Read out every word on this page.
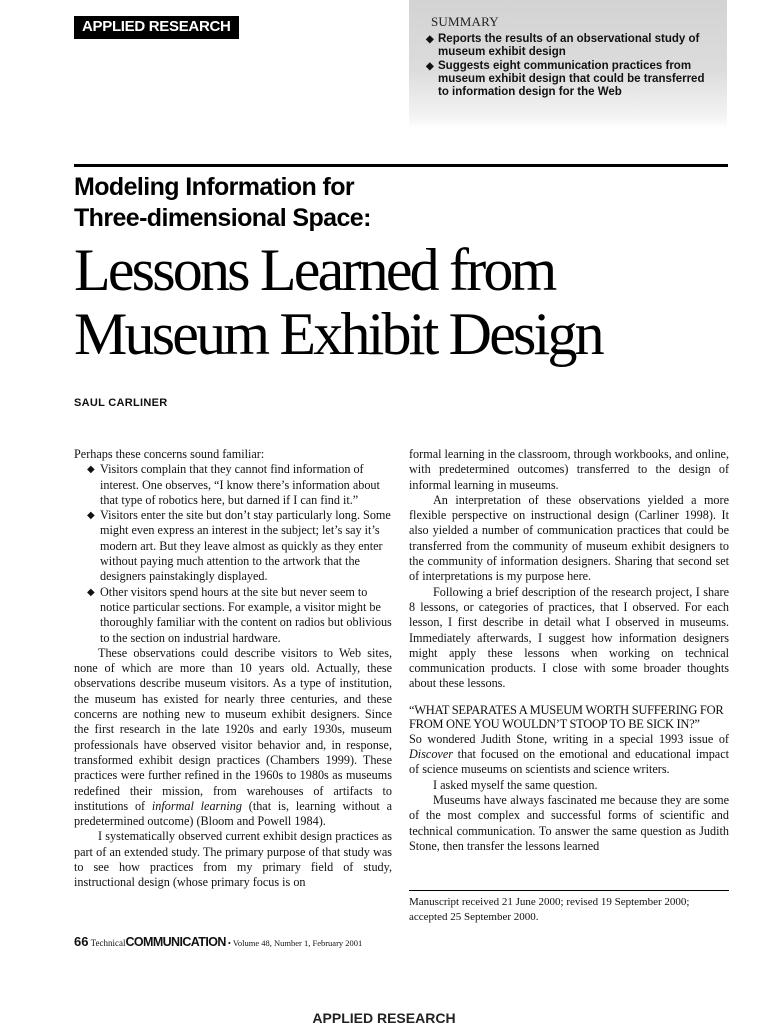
APPLIED RESEARCH	SUMMARY
◆ Reports the results of an observational study of museum exhibit design
◆ Suggests eight communication practices from museum exhibit design that could be transferred to information design for the Web
Modeling Information for
Three-dimensional Space:
Lessons Learned from
Museum Exhibit Design
SAUL CARLINER

Perhaps these concerns sound familiar:

◆ Visitors complain that they cannot find information of interest. One observes, “I know there’s information about that type of robotics here, but darned if I can find it.”
◆ Visitors enter the site but don’t stay particularly long. Some might even express an interest in the subject; let’s say it’s modern art. But they leave almost as quickly as they enter without paying much attention to the artwork that the designers painstakingly displayed.
◆ Other visitors spend hours at the site but never seem to notice particular sections. For example, a visitor might be thoroughly familiar with the content on radios but oblivious to the section on industrial hardware.

These observations could describe visitors to Web sites, none of which are more than 10 years old. Actually, these observations describe museum visitors. As a type of institution, the museum has existed for nearly three centuries, and these concerns are nothing new to museum exhibit designers. Since the first research in the late 1920s and early 1930s, museum professionals have observed visitor behavior and, in response, transformed exhibit design practices (Chambers 1999). These practices were further refined in the 1960s to 1980s as museums redefined their mission, from warehouses of artifacts to institutions of informal learning (that is, learning without a predetermined outcome) (Bloom and Powell 1984).

I systematically observed current exhibit design practices as part of an extended study. The primary purpose of that study was to see how practices from my primary field of study, instructional design (whose primary focus is on

formal learning in the classroom, through workbooks, and online, with predetermined outcomes) transferred to the design of informal learning in museums.

An interpretation of these observations yielded a more flexible perspective on instructional design (Carliner 1998). It also yielded a number of communication practices that could be transferred from the community of museum exhibit designers to the community of information designers. Sharing that second set of interpretations is my purpose here.

Following a brief description of the research project, I share 8 lessons, or categories of practices, that I observed. For each lesson, I first describe in detail what I observed in museums. Immediately afterwards, I suggest how information designers might apply these lessons when working on technical communication products. I close with some broader thoughts about these lessons.

“WHAT SEPARATES A MUSEUM WORTH SUFFERING FOR
FROM ONE YOU WOULDN’T STOOP TO BE SICK IN?”

So wondered Judith Stone, writing in a special 1993 issue of Discover that focused on the emotional and educational impact of science museums on scientists and science writers.

I asked myself the same question.

Museums have always fascinated me because they are some of the most complex and successful forms of scientific and technical communication. To answer the same question as Judith Stone, then transfer the lessons learned

Manuscript received 21 June 2000; revised 19 September 2000; accepted 25 September 2000.
66 TechnicalCOMMUNICATION • Volume 48, Number 1, February 2001
APPLIED RESEARCH
